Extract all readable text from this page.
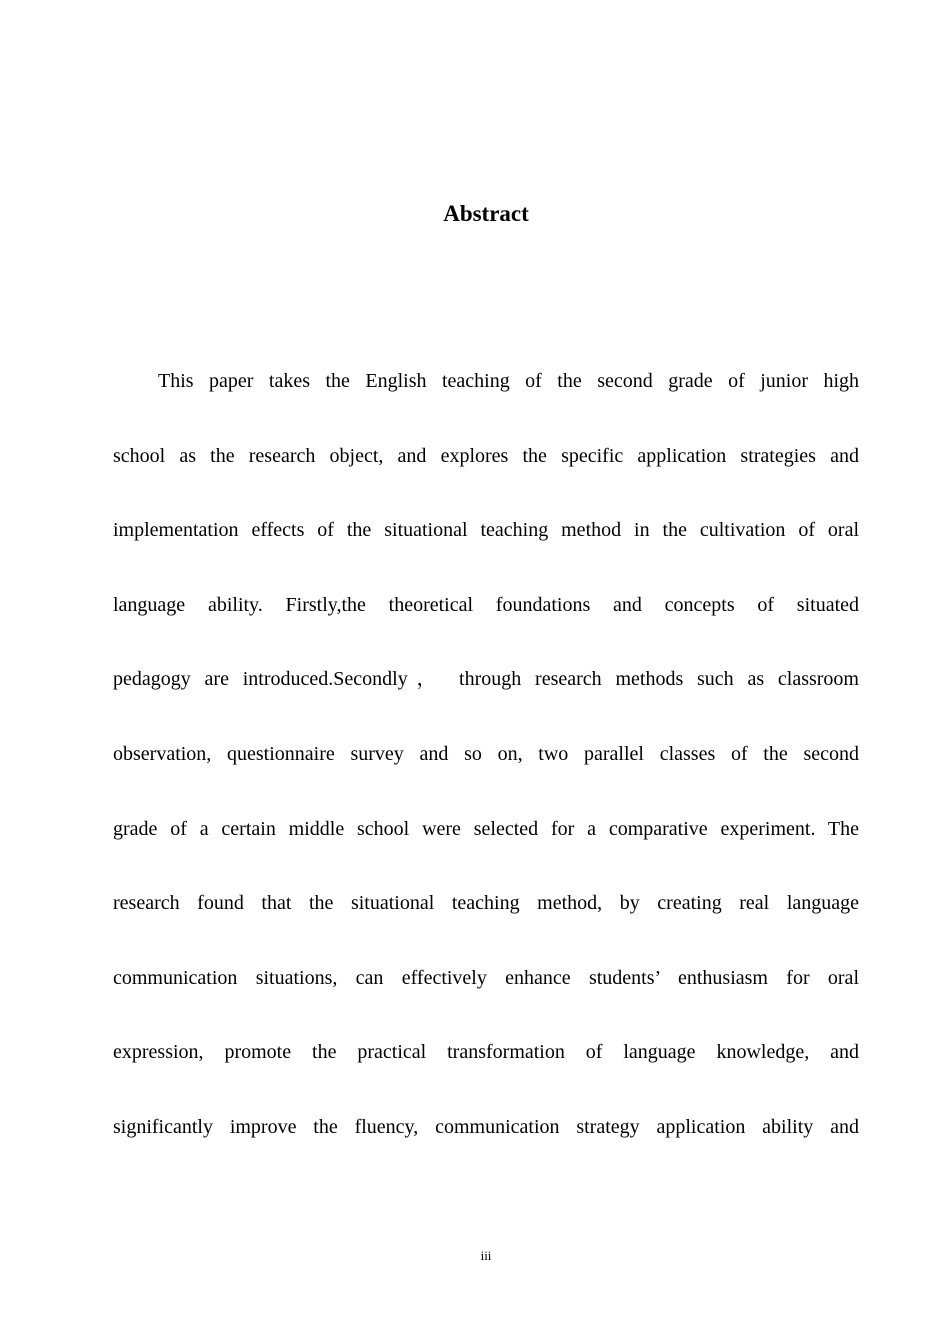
Abstract
This paper takes the English teaching of the second grade of junior high
school as the research object, and explores the specific application strategies and
implementation effects of the situational teaching method in the cultivation of oral
language ability. Firstly,the theoretical foundations and concepts of situated
pedagogy are introduced.Secondly， through research methods such as classroom
observation, questionnaire survey and so on, two parallel classes of the second
grade of a certain middle school were selected for a comparative experiment. The
research found that the situational teaching method, by creating real language
communication situations, can effectively enhance students’ enthusiasm for oral
expression, promote the practical transformation of language knowledge, and
significantly improve the fluency, communication strategy application ability and
iii
